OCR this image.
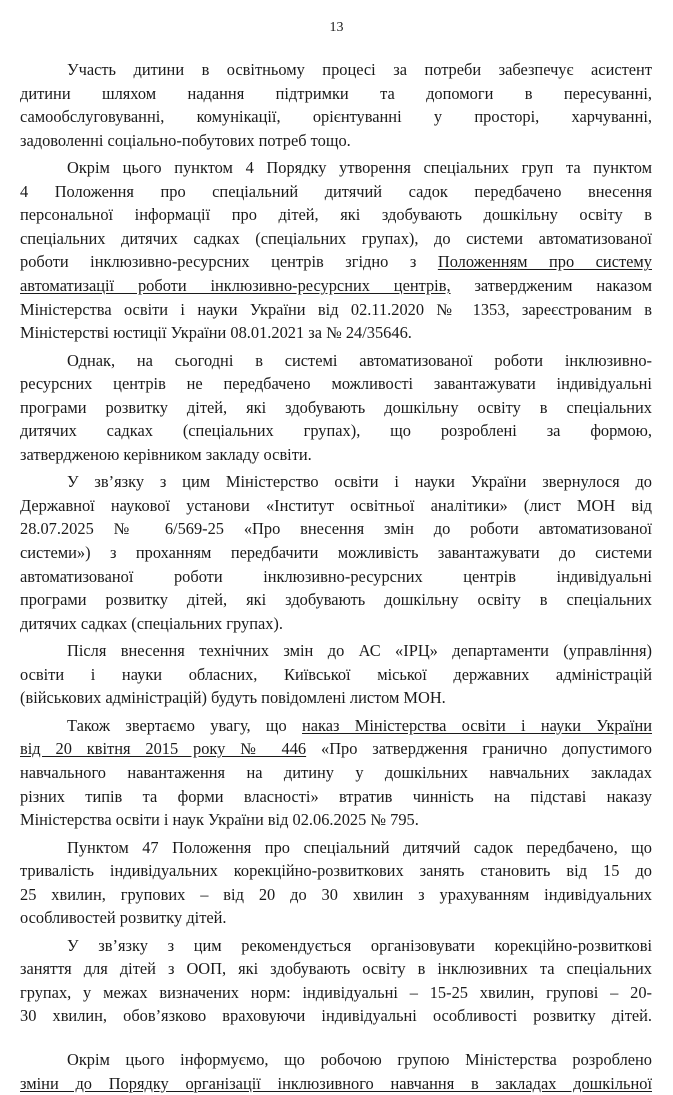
13
Участь дитини в освітньому процесі за потреби забезпечує асистент
дитини шляхом надання підтримки та допомоги в пересуванні,
самообслуговуванні, комунікації, орієнтуванні у просторі, харчуванні,
задоволенні соціально-побутових потреб тощо.
Окрім цього пунктом 4 Порядку утворення спеціальних груп та пунктом
4 Положення про спеціальний дитячий садок передбачено внесення
персональної інформації про дітей, які здобувають дошкільну освіту в
спеціальних дитячих садках (спеціальних групах), до системи автоматизованої
роботи інклюзивно-ресурсних центрів згідно з Положенням про систему
автоматизації роботи інклюзивно-ресурсних центрів, затвердженим наказом
Міністерства освіти і науки України від 02.11.2020 № 1353, зареєстрованим в
Міністерстві юстиції України 08.01.2021 за № 24/35646.
Однак, на сьогодні в системі автоматизованої роботи інклюзивно-
ресурсних центрів не передбачено можливості завантажувати індивідуальні
програми розвитку дітей, які здобувають дошкільну освіту в спеціальних
дитячих садках (спеціальних групах), що розроблені за формою,
затвердженою керівником закладу освіти.
У зв’язку з цим Міністерство освіти і науки України звернулося до
Державної наукової установи «Інститут освітньої аналітики» (лист МОН від
28.07.2025 № 6/569-25 «Про внесення змін до роботи автоматизованої
системи») з проханням передбачити можливість завантажувати до системи
автоматизованої роботи інклюзивно-ресурсних центрів індивідуальні
програми розвитку дітей, які здобувають дошкільну освіту в спеціальних
дитячих садках (спеціальних групах).
Після внесення технічних змін до АС «ІРЦ» департаменти (управління)
освіти і науки обласних, Київської міської державних адміністрацій
(військових адміністрацій) будуть повідомлені листом МОН.
Також звертаємо увагу, що наказ Міністерства освіти і науки України
від 20 квітня 2015 року № 446 «Про затвердження гранично допустимого
навчального навантаження на дитину у дошкільних навчальних закладах
різних типів та форми власності» втратив чинність на підставі наказу
Міністерства освіти і наук України від 02.06.2025 № 795.
Пунктом 47 Положення про спеціальний дитячий садок передбачено, що
тривалість індивідуальних корекційно-розвиткових занять становить від 15 до
25 хвилин, групових – від 20 до 30 хвилин з урахуванням індивідуальних
особливостей розвитку дітей.
У зв’язку з цим рекомендується організовувати корекційно-розвиткові
заняття для дітей з ООП, які здобувають освіту в інклюзивних та спеціальних
групах, у межах визначених норм: індивідуальні – 15-25 хвилин, групові – 20-
30 хвилин, обов’язково враховуючи індивідуальні особливості розвитку дітей.
Окрім цього інформуємо, що робочою групою Міністерства розроблено
зміни до Порядку організації інклюзивного навчання в закладах дошкільної
